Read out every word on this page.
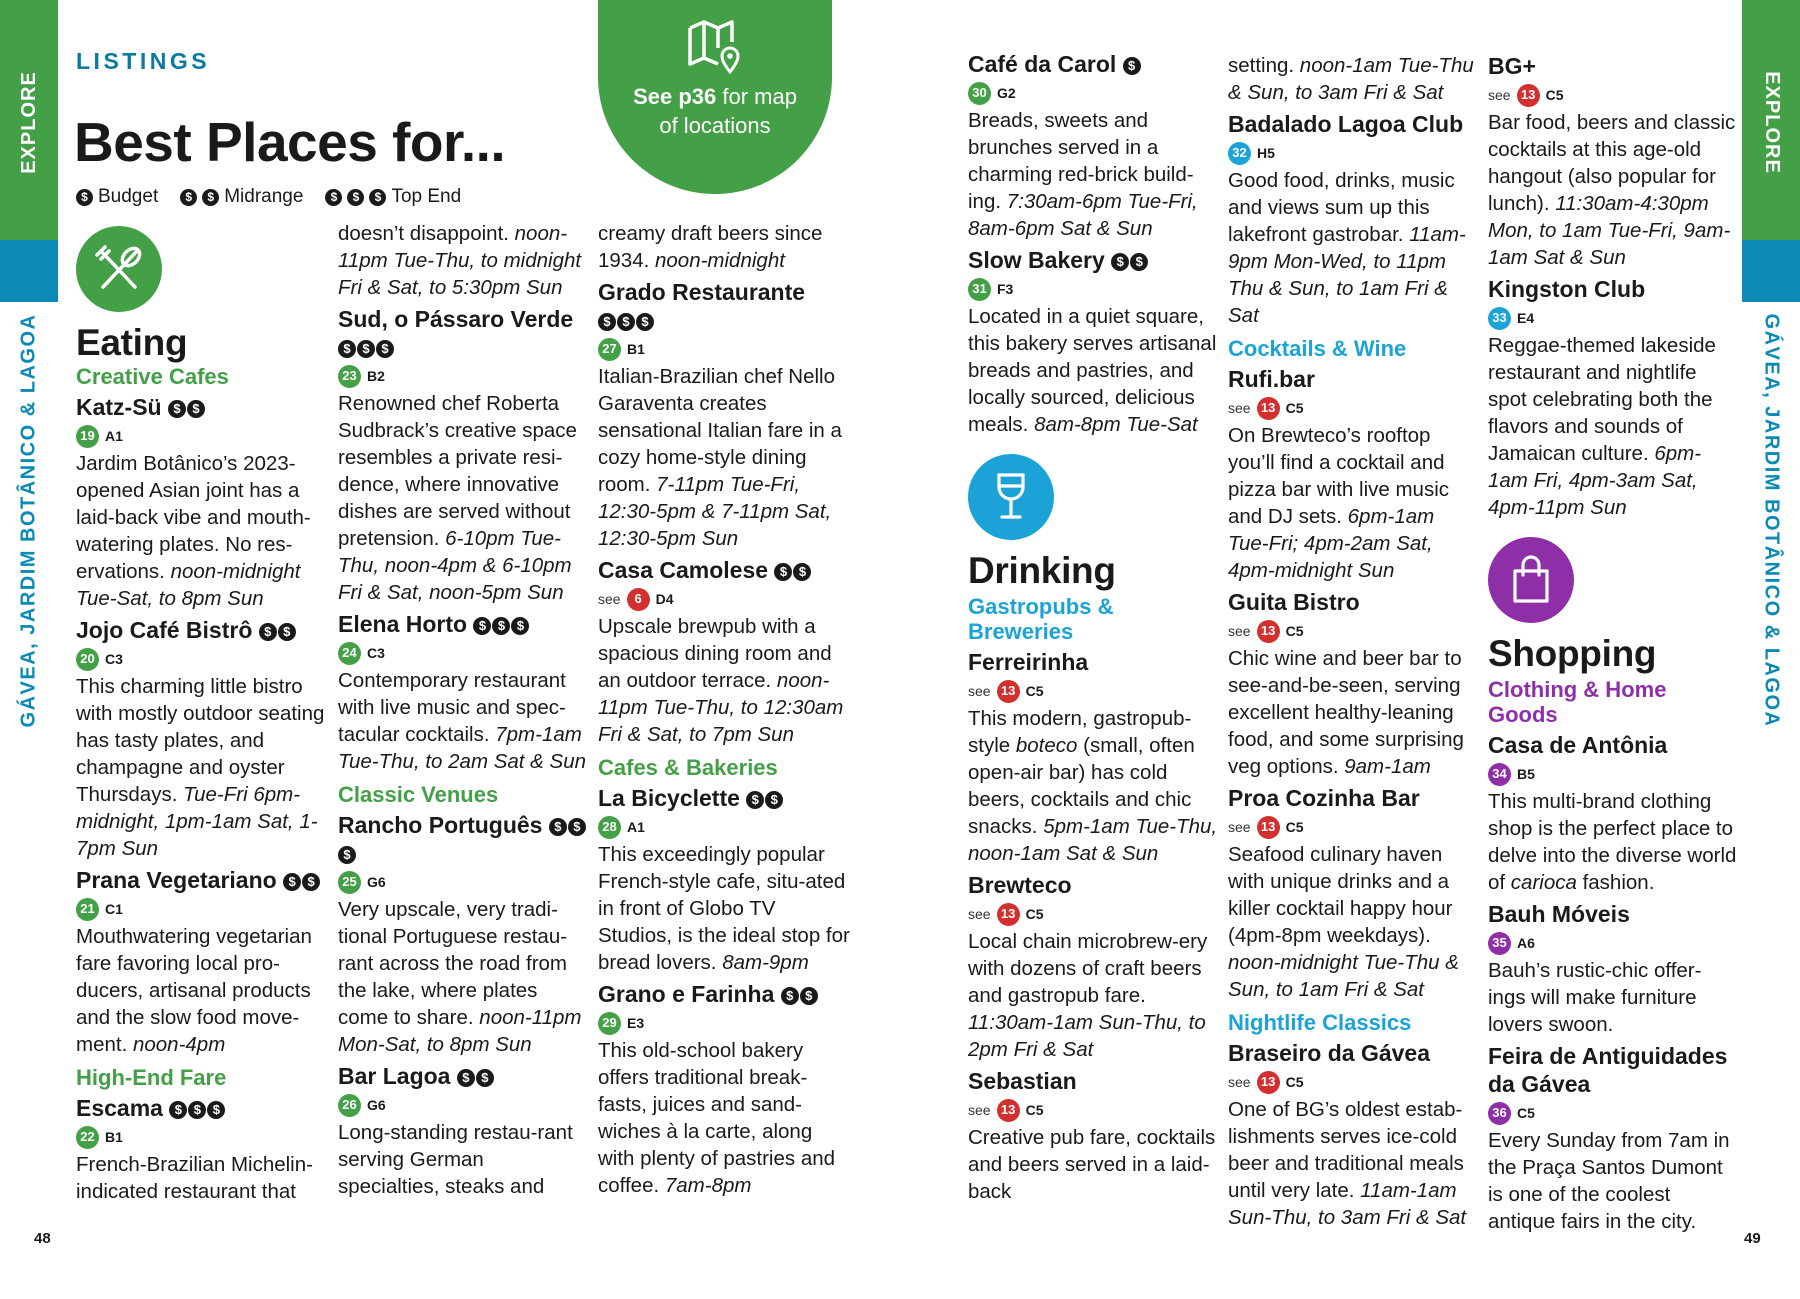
EXPLORE
GÁVEA, JARDIM BOTÂNICO & LAGOA
EXPLORE
GÁVEA, JARDIM BOTÂNICO & LAGOA
LISTINGS
Best Places for...
$ Budget	$	$ Midrange	$	$	$ Top End
See p36 for map
of locations
Eating
Creative Cafes
Katz-Sü $ $
19 A1
Jardim Botânico’s 2023-opened Asian joint has a laid-back vibe and mouth-watering plates. No res-ervations. noon-midnight Tue-Sat, to 8pm Sun
Jojo Café Bistrô $ $
20 C3
This charming little bistro with mostly outdoor seating has tasty plates, and champagne and oyster Thursdays. Tue-Fri 6pm-midnight, 1pm-1am Sat, 1-7pm Sun
Prana Vegetariano $ $
21 C1
Mouthwatering vegetarian fare favoring local pro-ducers, artisanal products and the slow food move-ment. noon-4pm
High-End Fare
Escama $ $ $
22 B1
French-Brazilian Michelin-indicated restaurant that
doesn’t disappoint. noon-11pm Tue-Thu, to midnight Fri & Sat, to 5:30pm Sun
Sud, o Pássaro Verde $ $ $
23 B2
Renowned chef Roberta Sudbrack’s creative space resembles a private resi-dence, where innovative dishes are served without pretension. 6-10pm Tue-Thu, noon-4pm & 6-10pm Fri & Sat, noon-5pm Sun
Elena Horto $ $ $
24 C3
Contemporary restaurant with live music and spec-tacular cocktails. 7pm-1am Tue-Thu, to 2am Sat & Sun
Classic Venues
Rancho Português $ $$
25 G6
Very upscale, very tradi-tional Portuguese restau-rant across the road from the lake, where plates come to share. noon-11pm Mon-Sat, to 8pm Sun
Bar Lagoa $ $
26 G6
Long-standing restau-rant serving German specialties, steaks and
creamy draft beers since 1934. noon-midnight
Grado Restaurante
$ $ $
27 B1
Italian-Brazilian chef Nello Garaventa creates sensational Italian fare in a cozy home-style dining room. 7-11pm Tue-Fri, 12:30-5pm & 7-11pm Sat, 12:30-5pm Sun
Casa Camolese $ $
see	6 D4
Upscale brewpub with a spacious dining room and an outdoor terrace. noon-11pm Tue-Thu, to 12:30am Fri & Sat, to 7pm Sun
Cafes & Bakeries
La Bicyclette $ $
28 A1
This exceedingly popular French-style cafe, situ-ated in front of Globo TV Studios, is the ideal stop for bread lovers. 8am-9pm
Grano e Farinha $ $
29 E3
This old-school bakery offers traditional break-fasts, juices and sand-wiches à la carte, along with plenty of pastries and coffee. 7am-8pm
Café da Carol $
30 G2
Breads, sweets and brunches served in a charming red-brick build-ing. 7:30am-6pm Tue-Fri, 8am-6pm Sat & Sun
Slow Bakery $ $
31 F3
Located in a quiet square, this bakery serves artisanal breads and pastries, and locally sourced, delicious meals. 8am-8pm Tue-Sat
Drinking
Gastropubs & Breweries
Ferreirinha
see 13 C5
This modern, gastropub-style boteco (small, often open-air bar) has cold beers, cocktails and chic snacks. 5pm-1am Tue-Thu, noon-1am Sat & Sun
Brewteco
see 13 C5
Local chain microbrew-ery with dozens of craft beers and gastropub fare. 11:30am-1am Sun-Thu, to 2pm Fri & Sat
Sebastian
see 13 C5
Creative pub fare, cocktails and beers served in a laid-back
setting. noon-1am Tue-Thu & Sun, to 3am Fri & Sat
Badalado Lagoa Club
32 H5
Good food, drinks, music and views sum up this lakefront gastrobar. 11am-9pm Mon-Wed, to 11pm Thu & Sun, to 1am Fri & Sat
Cocktails & Wine
Rufi.bar
see 13 C5
On Brewteco’s rooftop you’ll find a cocktail and pizza bar with live music and DJ sets. 6pm-1am Tue-Fri; 4pm-2am Sat, 4pm-midnight Sun
Guita Bistro
see 13 C5
Chic wine and beer bar to see-and-be-seen, serving excellent healthy-leaning food, and some surprising veg options. 9am-1am
Proa Cozinha Bar
see 13 C5
Seafood culinary haven with unique drinks and a killer cocktail happy hour (4pm-8pm weekdays). noon-midnight Tue-Thu & Sun, to 1am Fri & Sat
Nightlife Classics
Braseiro da Gávea
see 13 C5
One of BG’s oldest estab-lishments serves ice-cold beer and traditional meals until very late. 11am-1am Sun-Thu, to 3am Fri & Sat
BG+
see 13 C5
Bar food, beers and classic cocktails at this age-old hangout (also popular for lunch). 11:30am-4:30pm Mon, to 1am Tue-Fri, 9am-1am Sat & Sun
Kingston Club
33 E4
Reggae-themed lakeside restaurant and nightlife spot celebrating both the flavors and sounds of Jamaican culture. 6pm-1am Fri, 4pm-3am Sat, 4pm-11pm Sun
Shopping
Clothing & Home Goods
Casa de Antônia
34 B5
This multi-brand clothing shop is the perfect place to delve into the diverse world of carioca fashion.
Bauh Móveis
35 A6
Bauh’s rustic-chic offer-ings will make furniture lovers swoon.
Feira de Antiguidades da Gávea
36 C5
Every Sunday from 7am in the Praça Santos Dumont is one of the coolest antique fairs in the city.
48	49
